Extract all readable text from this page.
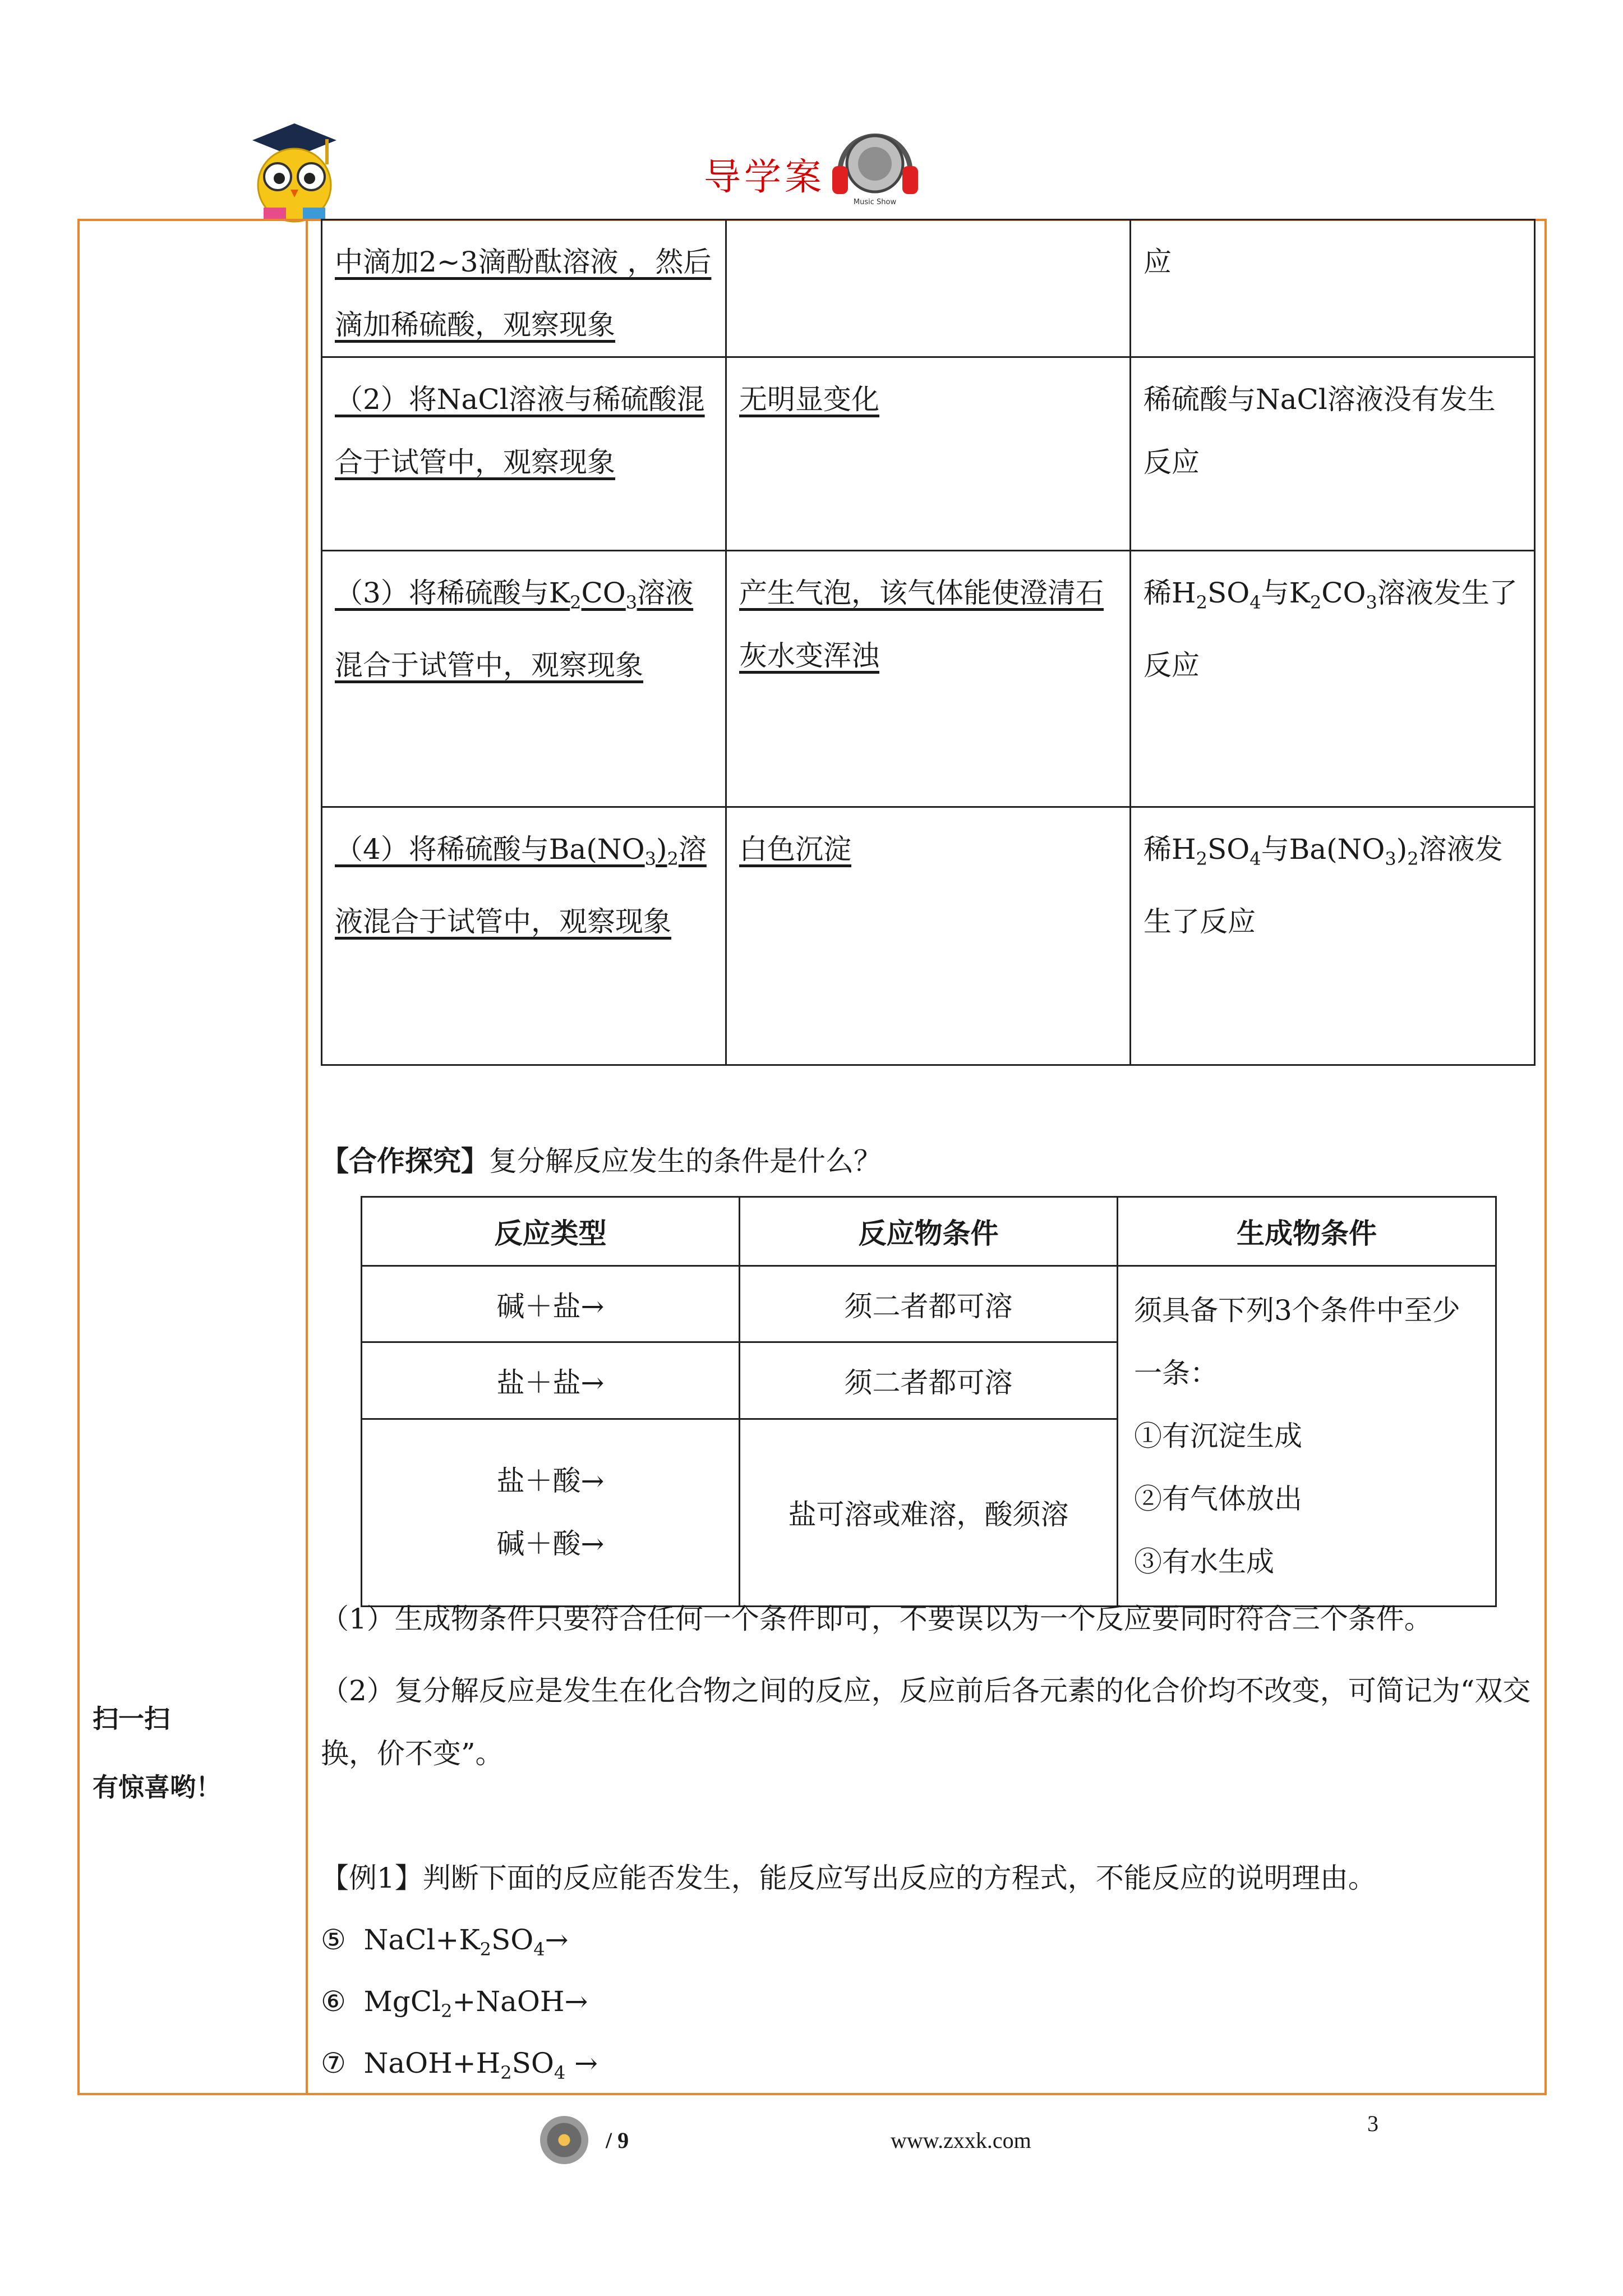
导学案
Music Show
扫一扫
有惊喜哟！
中滴加2~3滴酚酞溶液 ，然后滴加稀硫酸，观察现象		应
（2）将NaCl溶液与稀硫酸混合于试管中，观察现象	无明显变化	稀硫酸与NaCl溶液没有发生反应
（3）将稀硫酸与$K_2CO_3$溶液混合于试管中，观察现象	产生气泡，该气体能使澄清石灰水变浑浊	稀$H_2SO_4$与$K_2CO_3$溶液发生了反应
（4）将稀硫酸与$Ba(NO_3)_2$溶液混合于试管中，观察现象	白色沉淀	稀$H_2SO_4$与$Ba(NO_3)_2$溶液发生了反应
【合作探究】复分解反应发生的条件是什么？
反应类型	反应物条件	生成物条件
碱＋盐→	须二者都可溶	须具备下列3个条件中至少一条：
①有沉淀生成
②有气体放出
③有水生成

盐＋盐→	须二者都可溶	

盐＋酸→
碱＋酸→	盐可溶或难溶，酸须溶	
（1）生成物条件只要符合任何一个条件即可，不要误以为一个反应要同时符合三个条件。
（2）复分解反应是发生在化合物之间的反应，反应前后各元素的化合价均不改变，可简记为“双交换，价不变”。
【例1】判断下面的反应能否发生，能反应写出反应的方程式，不能反应的说明理由。
⑤  $NaCl+K_2SO_4\to$
⑥  MgCl$_2$+NaOH→
⑦  $NaOH+H_2SO_4$ →
/ 9	www.zxxk.com
3
